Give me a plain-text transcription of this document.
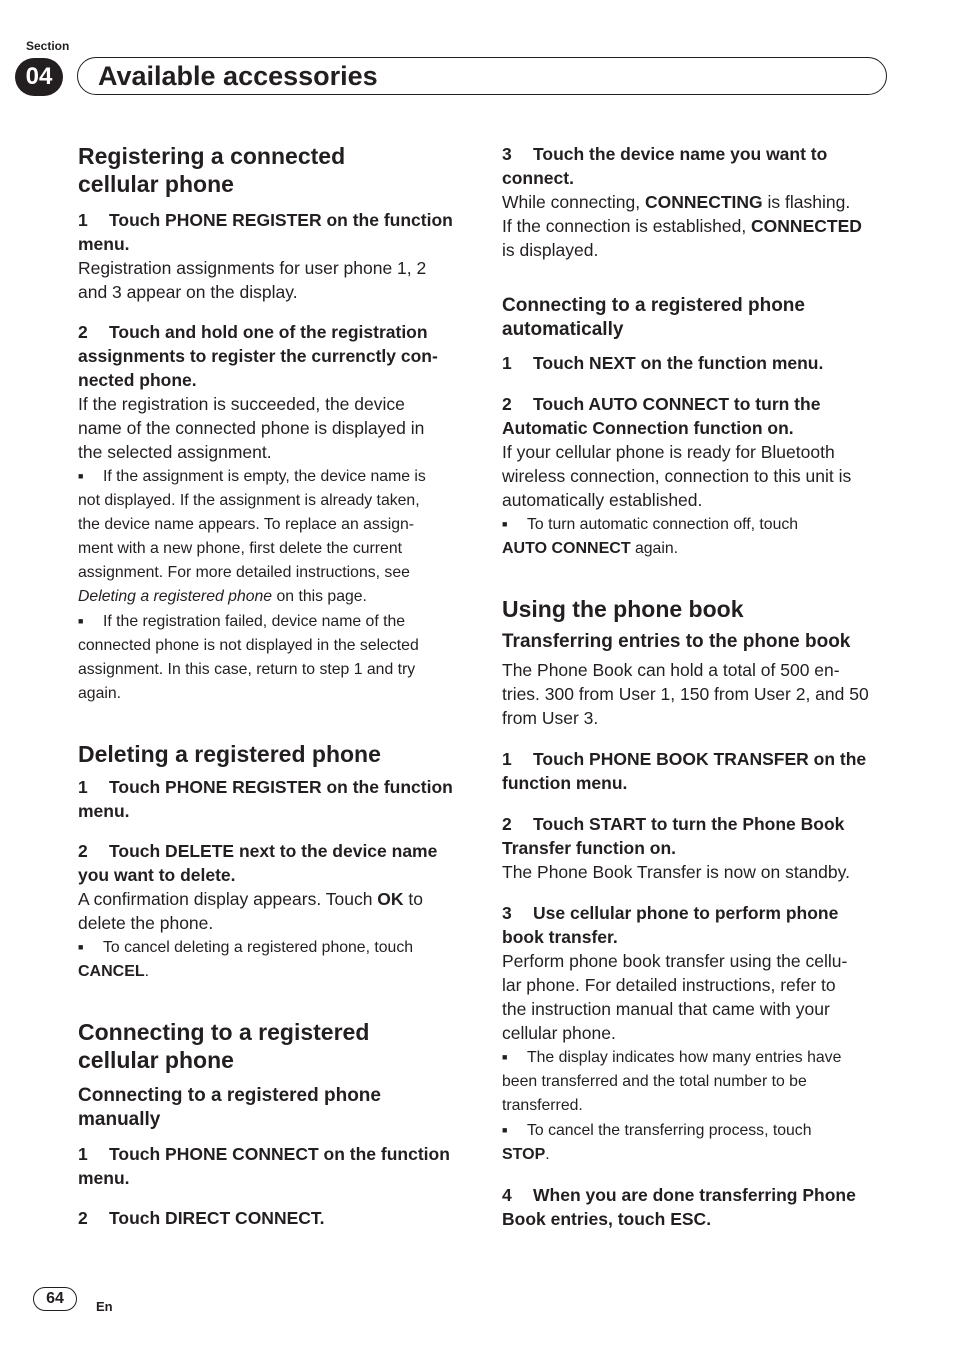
Section
04	Available accessories
Registering a connected
cellular phone

1 Touch PHONE REGISTER on the function
menu.

Registration assignments for user phone 1, 2
and 3 appear on the display.

2 Touch and hold one of the registration
assignments to register the currenctly con-
nected phone.

If the registration is succeeded, the device
name of the connected phone is displayed in
the selected assignment.

■ If the assignment is empty, the device name is
not displayed. If the assignment is already taken,
the device name appears. To replace an assign-
ment with a new phone, first delete the current
assignment. For more detailed instructions, see
Deleting a registered phone on this page.

■ If the registration failed, device name of the
connected phone is not displayed in the selected
assignment. In this case, return to step 1 and try
again.

Deleting a registered phone

1 Touch PHONE REGISTER on the function
menu.

2 Touch DELETE next to the device name
you want to delete.

A confirmation display appears. Touch OK to
delete the phone.

■ To cancel deleting a registered phone, touch
CANCEL.

Connecting to a registered
cellular phone
Connecting to a registered phone
manually

1 Touch PHONE CONNECT on the function
menu.

2 Touch DIRECT CONNECT.

3 Touch the device name you want to
connect.

While connecting, CONNECTING is flashing.
If the connection is established, CONNECTED
is displayed.

Connecting to a registered phone
automatically

1 Touch NEXT on the function menu.

2 Touch AUTO CONNECT to turn the
Automatic Connection function on.

If your cellular phone is ready for Bluetooth
wireless connection, connection to this unit is
automatically established.

■ To turn automatic connection off, touch
AUTO CONNECT again.

Using the phone book
Transferring entries to the phone book

The Phone Book can hold a total of 500 en-
tries. 300 from User 1, 150 from User 2, and 50
from User 3.

1 Touch PHONE BOOK TRANSFER on the
function menu.

2 Touch START to turn the Phone Book
Transfer function on.

The Phone Book Transfer is now on standby.

3 Use cellular phone to perform phone
book transfer.

Perform phone book transfer using the cellu-
lar phone. For detailed instructions, refer to
the instruction manual that came with your
cellular phone.

■ The display indicates how many entries have
been transferred and the total number to be
transferred.

■ To cancel the transferring process, touch
STOP.

4 When you are done transferring Phone
Book entries, touch ESC.

64	En
